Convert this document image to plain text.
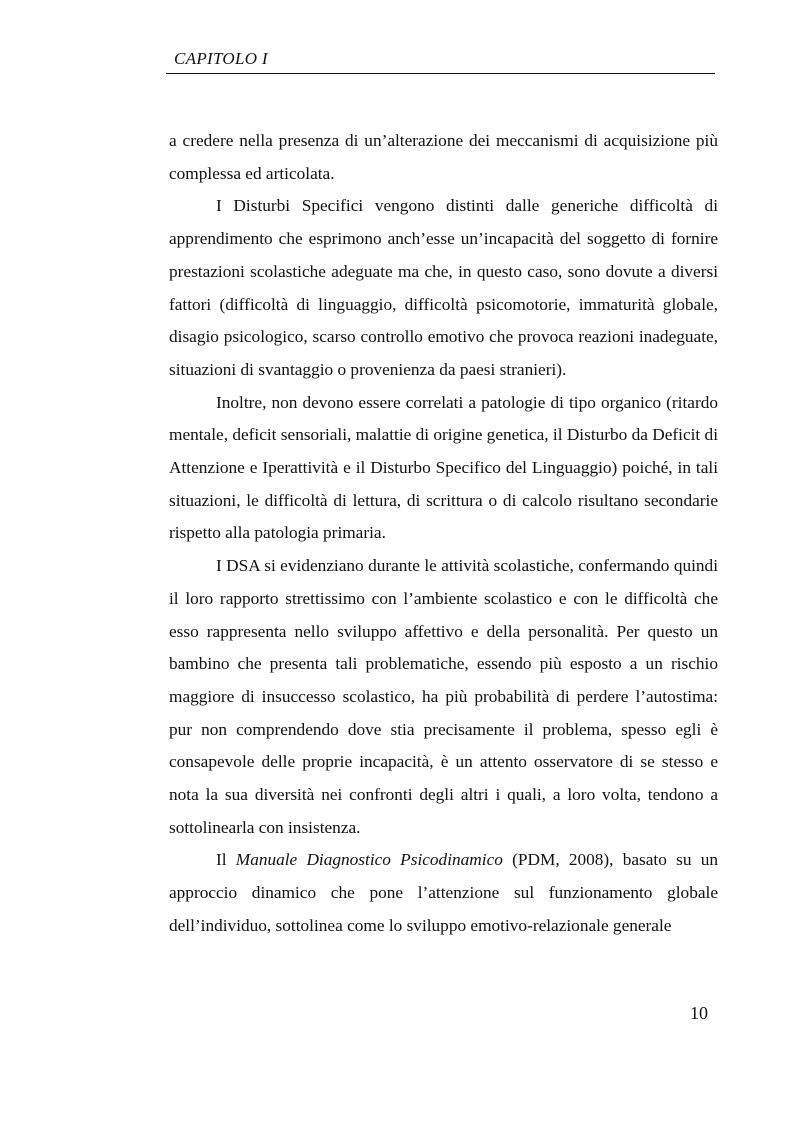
CAPITOLO I

a credere nella presenza di un’alterazione dei meccanismi di acquisizione più complessa ed articolata.

I Disturbi Specifici vengono distinti dalle generiche difficoltà di apprendimento che esprimono anch’esse un’incapacità del soggetto di fornire prestazioni scolastiche adeguate ma che, in questo caso, sono dovute a diversi fattori (difficoltà di linguaggio, difficoltà psicomotorie, immaturità globale, disagio psicologico, scarso controllo emotivo che provoca reazioni inadeguate, situazioni di svantaggio o provenienza da paesi stranieri).

Inoltre, non devono essere correlati a patologie di tipo organico (ritardo mentale, deficit sensoriali, malattie di origine genetica, il Disturbo da Deficit di Attenzione e Iperattività e il Disturbo Specifico del Linguaggio) poiché, in tali situazioni, le difficoltà di lettura, di scrittura o di calcolo risultano secondarie rispetto alla patologia primaria.

I DSA si evidenziano durante le attività scolastiche, confermando quindi il loro rapporto strettissimo con l’ambiente scolastico e con le difficoltà che esso rappresenta nello sviluppo affettivo e della personalità. Per questo un bambino che presenta tali problematiche, essendo più esposto a un rischio maggiore di insuccesso scolastico, ha più probabilità di perdere l’autostima: pur non comprendendo dove stia precisamente il problema, spesso egli è consapevole delle proprie incapacità, è un attento osservatore di se stesso e nota la sua diversità nei confronti degli altri i quali, a loro volta, tendono a sottolinearla con insistenza.

Il Manuale Diagnostico Psicodinamico (PDM, 2008), basato su un approccio dinamico che pone l’attenzione sul funzionamento globale dell’individuo, sottolinea come lo sviluppo emotivo-relazionale generale

10
